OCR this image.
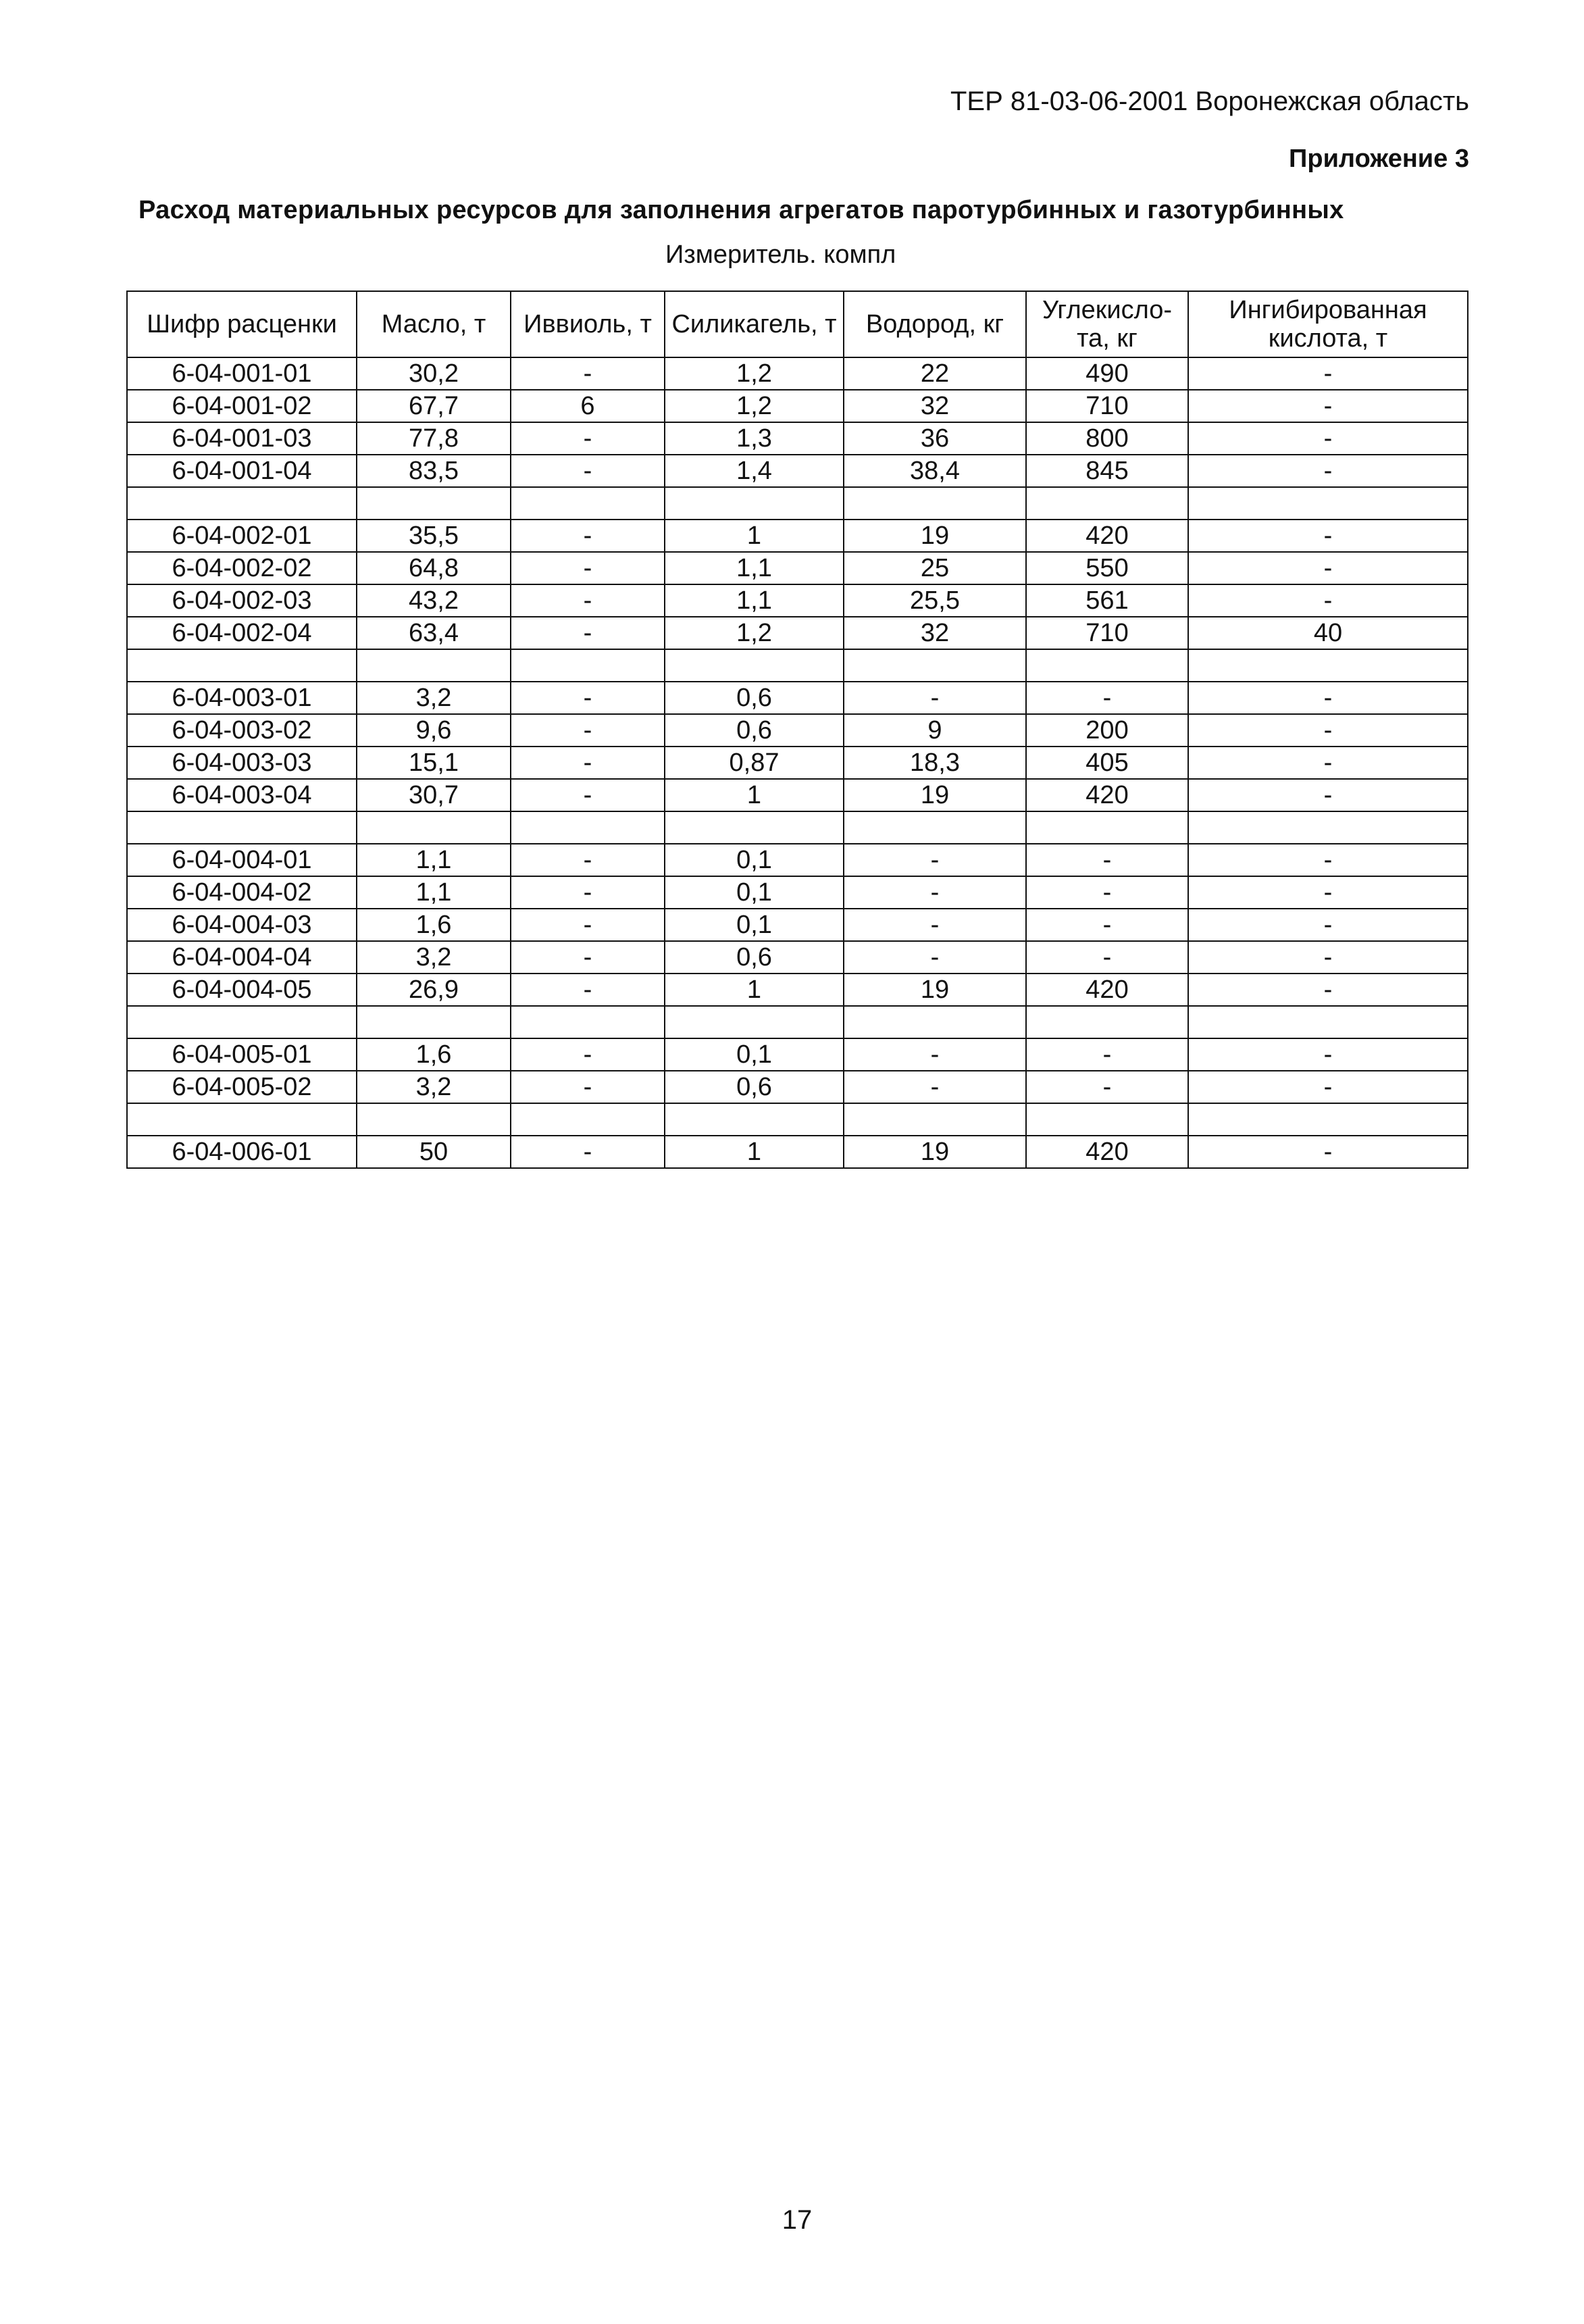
ТЕР 81-03-06-2001 Воронежская область
Приложение 3
Расход материальных ресурсов для заполнения агрегатов паротурбинных и газотурбинных
Измеритель. компл
Шифр расценки	Масло, т	Иввиоль, т	Силикагель, т	Водород, кг	Углекисло-та, кг	Ингибированная кислота, т
6-04-001-01	30,2	-	1,2	22	490	-
6-04-001-02	67,7	6	1,2	32	710	-
6-04-001-03	77,8	-	1,3	36	800	-
6-04-001-04	83,5	-	1,4	38,4	845	-

6-04-002-01	35,5	-	1	19	420	-
6-04-002-02	64,8	-	1,1	25	550	-
6-04-002-03	43,2	-	1,1	25,5	561	-
6-04-002-04	63,4	-	1,2	32	710	40

6-04-003-01	3,2	-	0,6	-	-	-
6-04-003-02	9,6	-	0,6	9	200	-
6-04-003-03	15,1	-	0,87	18,3	405	-
6-04-003-04	30,7	-	1	19	420	-

6-04-004-01	1,1	-	0,1	-	-	-
6-04-004-02	1,1	-	0,1	-	-	-
6-04-004-03	1,6	-	0,1	-	-	-
6-04-004-04	3,2	-	0,6	-	-	-
6-04-004-05	26,9	-	1	19	420	-

6-04-005-01	1,6	-	0,1	-	-	-
6-04-005-02	3,2	-	0,6	-	-	-

6-04-006-01	50	-	1	19	420	-
17
